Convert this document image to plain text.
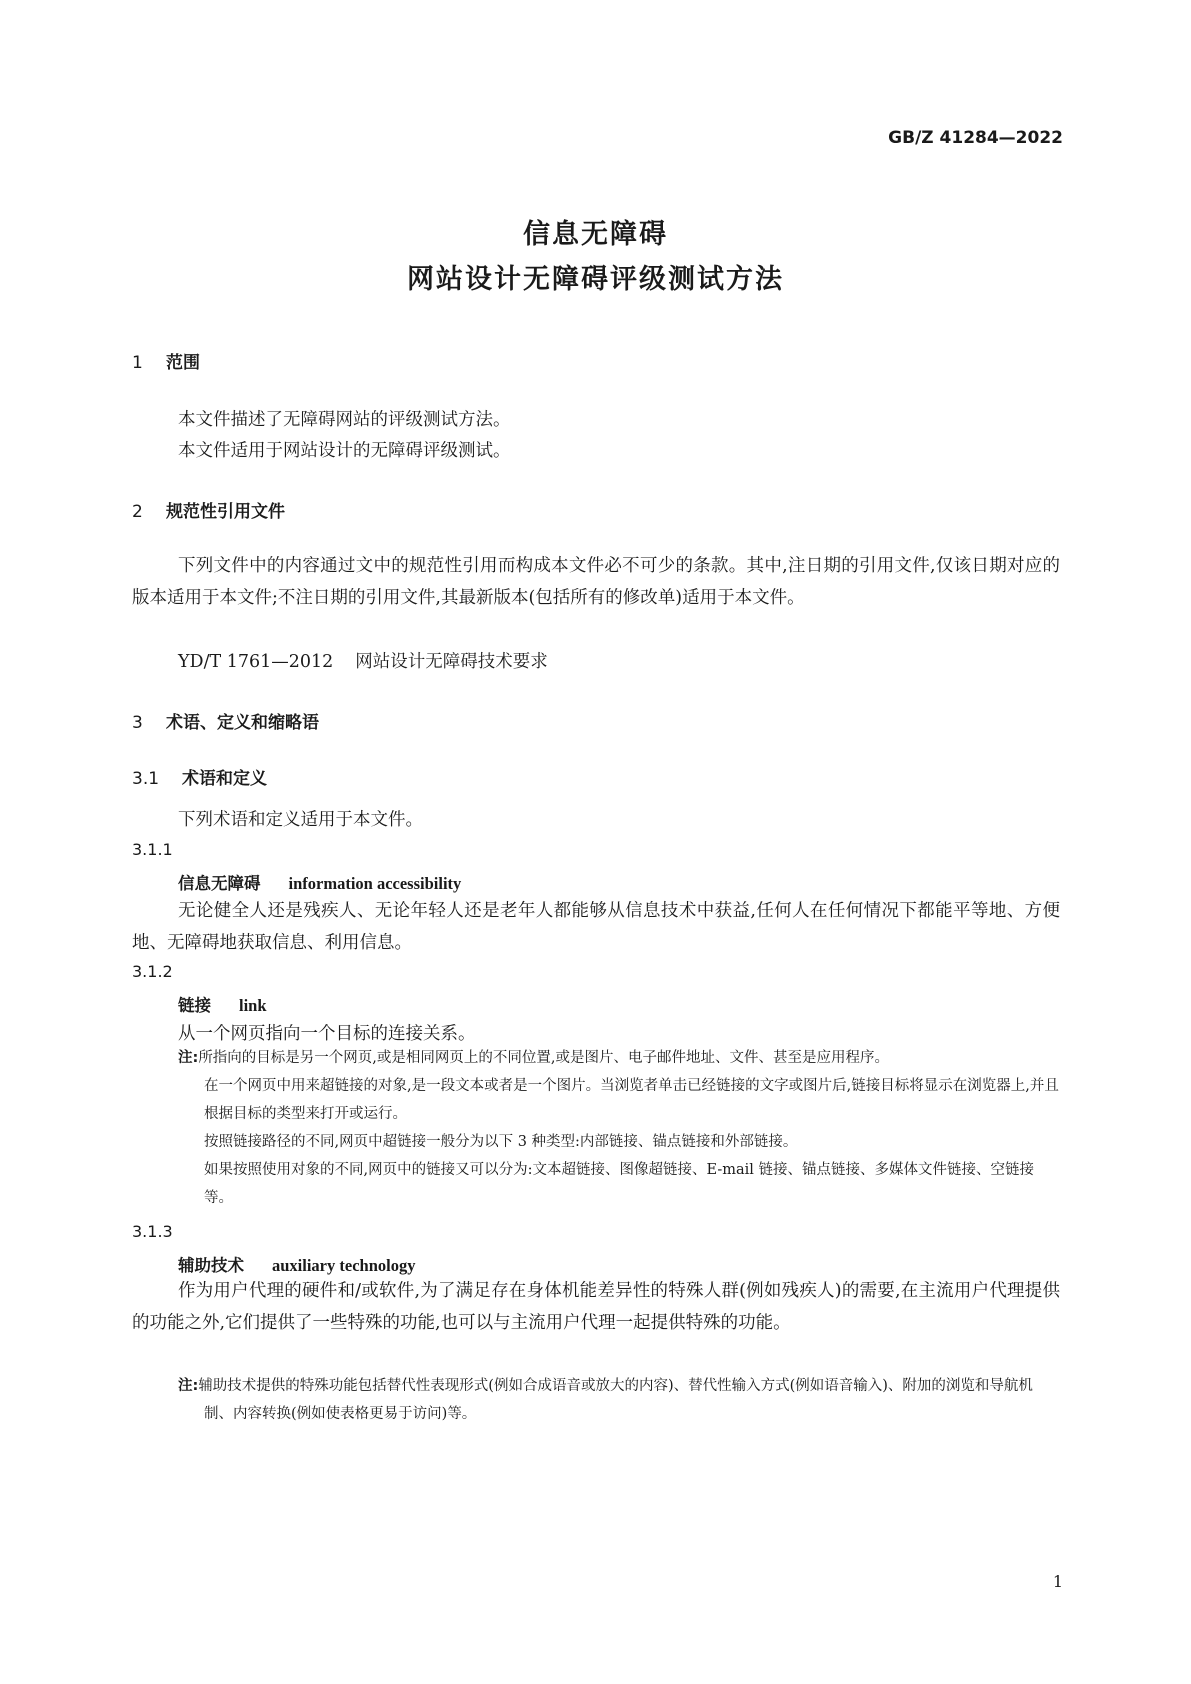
GB/Z 41284—2022
信息无障碍
网站设计无障碍评级测试方法
1 范围
本文件描述了无障碍网站的评级测试方法。
本文件适用于网站设计的无障碍评级测试。
2 规范性引用文件

下列文件中的内容通过文中的规范性引用而构成本文件必不可少的条款。其中,注日期的引用文件,仅该日期对应的版本适用于本文件;不注日期的引用文件,其最新版本(包括所有的修改单)适用于本文件。

YD/T 1761—2012 网站设计无障碍技术要求
3 术语、定义和缩略语
3.1 术语和定义
下列术语和定义适用于本文件。
3.1.1
信息无障碍 information accessibility

无论健全人还是残疾人、无论年轻人还是老年人都能够从信息技术中获益,任何人在任何情况下都能平等地、方便地、无障碍地获取信息、利用信息。

3.1.2
链接 link
从一个网页指向一个目标的连接关系。
注:所指向的目标是另一个网页,或是相同网页上的不同位置,或是图片、电子邮件地址、文件、甚至是应用程序。
在一个网页中用来超链接的对象,是一段文本或者是一个图片。当浏览者单击已经链接的文字或图片后,链接目标将显示在浏览器上,并且根据目标的类型来打开或运行。
按照链接路径的不同,网页中超链接一般分为以下 3 种类型:内部链接、锚点链接和外部链接。
如果按照使用对象的不同,网页中的链接又可以分为:文本超链接、图像超链接、E-mail 链接、锚点链接、多媒体文件链接、空链接等。
3.1.3
辅助技术 auxiliary technology

作为用户代理的硬件和/或软件,为了满足存在身体机能差异性的特殊人群(例如残疾人)的需要,在主流用户代理提供的功能之外,它们提供了一些特殊的功能,也可以与主流用户代理一起提供特殊的功能。

注:辅助技术提供的特殊功能包括替代性表现形式(例如合成语音或放大的内容)、替代性输入方式(例如语音输入)、附加的浏览和导航机制、内容转换(例如使表格更易于访问)等。
1
